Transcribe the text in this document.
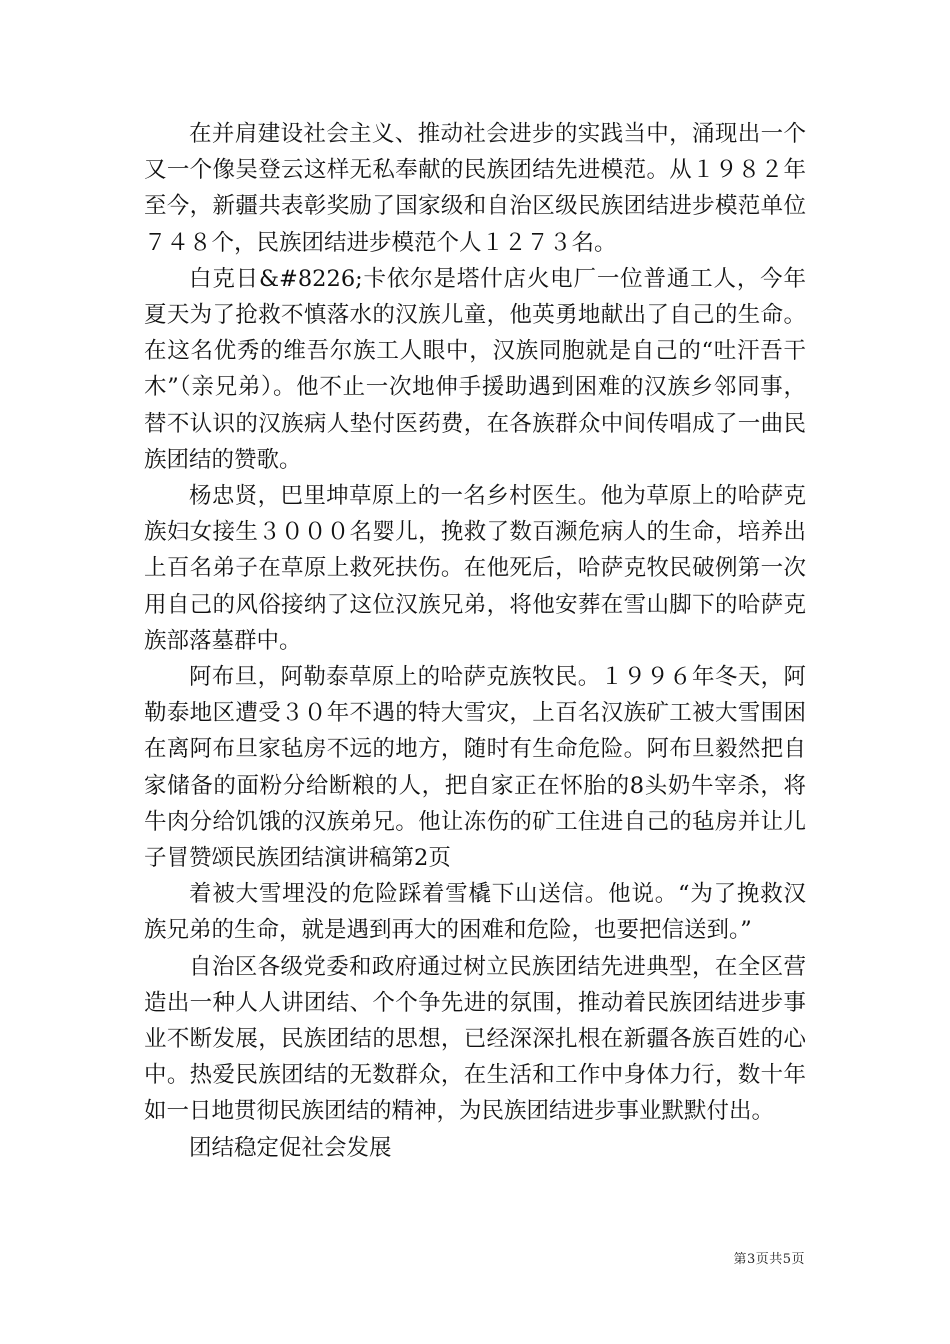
在并肩建设社会主义、推动社会进步的实践当中，涌现出一个又一个像吴登云这样无私奉献的民族团结先进模范。从１９８２年至今，新疆共表彰奖励了国家级和自治区级民族团结进步模范单位７４８个，民族团结进步模范个人１２７３名。

白克日&#8226;卡依尔是塔什店火电厂一位普通工人，今年夏天为了抢救不慎落水的汉族儿童，他英勇地献出了自己的生命。在这名优秀的维吾尔族工人眼中，汉族同胞就是自己的“吐汗吾干木”（亲兄弟）。他不止一次地伸手援助遇到困难的汉族乡邻同事，替不认识的汉族病人垫付医药费，在各族群众中间传唱成了一曲民族团结的赞歌。

杨忠贤，巴里坤草原上的一名乡村医生。他为草原上的哈萨克族妇女接生３０００名婴儿，挽救了数百濒危病人的生命，培养出上百名弟子在草原上救死扶伤。在他死后，哈萨克牧民破例第一次用自己的风俗接纳了这位汉族兄弟，将他安葬在雪山脚下的哈萨克族部落墓群中。

阿布旦，阿勒泰草原上的哈萨克族牧民。１９９６年冬天，阿勒泰地区遭受３０年不遇的特大雪灾，上百名汉族矿工被大雪围困在离阿布旦家毡房不远的地方，随时有生命危险。阿布旦毅然把自家储备的面粉分给断粮的人，把自家正在怀胎的8头奶牛宰杀，将牛肉分给饥饿的汉族弟兄。他让冻伤的矿工住进自己的毡房并让儿子冒赞颂民族团结演讲稿第2页

着被大雪埋没的危险踩着雪橇下山送信。他说。“为了挽救汉族兄弟的生命，就是遇到再大的困难和危险，也要把信送到。”

自治区各级党委和政府通过树立民族团结先进典型，在全区营造出一种人人讲团结、个个争先进的氛围，推动着民族团结进步事业不断发展，民族团结的思想，已经深深扎根在新疆各族百姓的心中。热爱民族团结的无数群众，在生活和工作中身体力行，数十年如一日地贯彻民族团结的精神，为民族团结进步事业默默付出。

团结稳定促社会发展

第3页共5页
